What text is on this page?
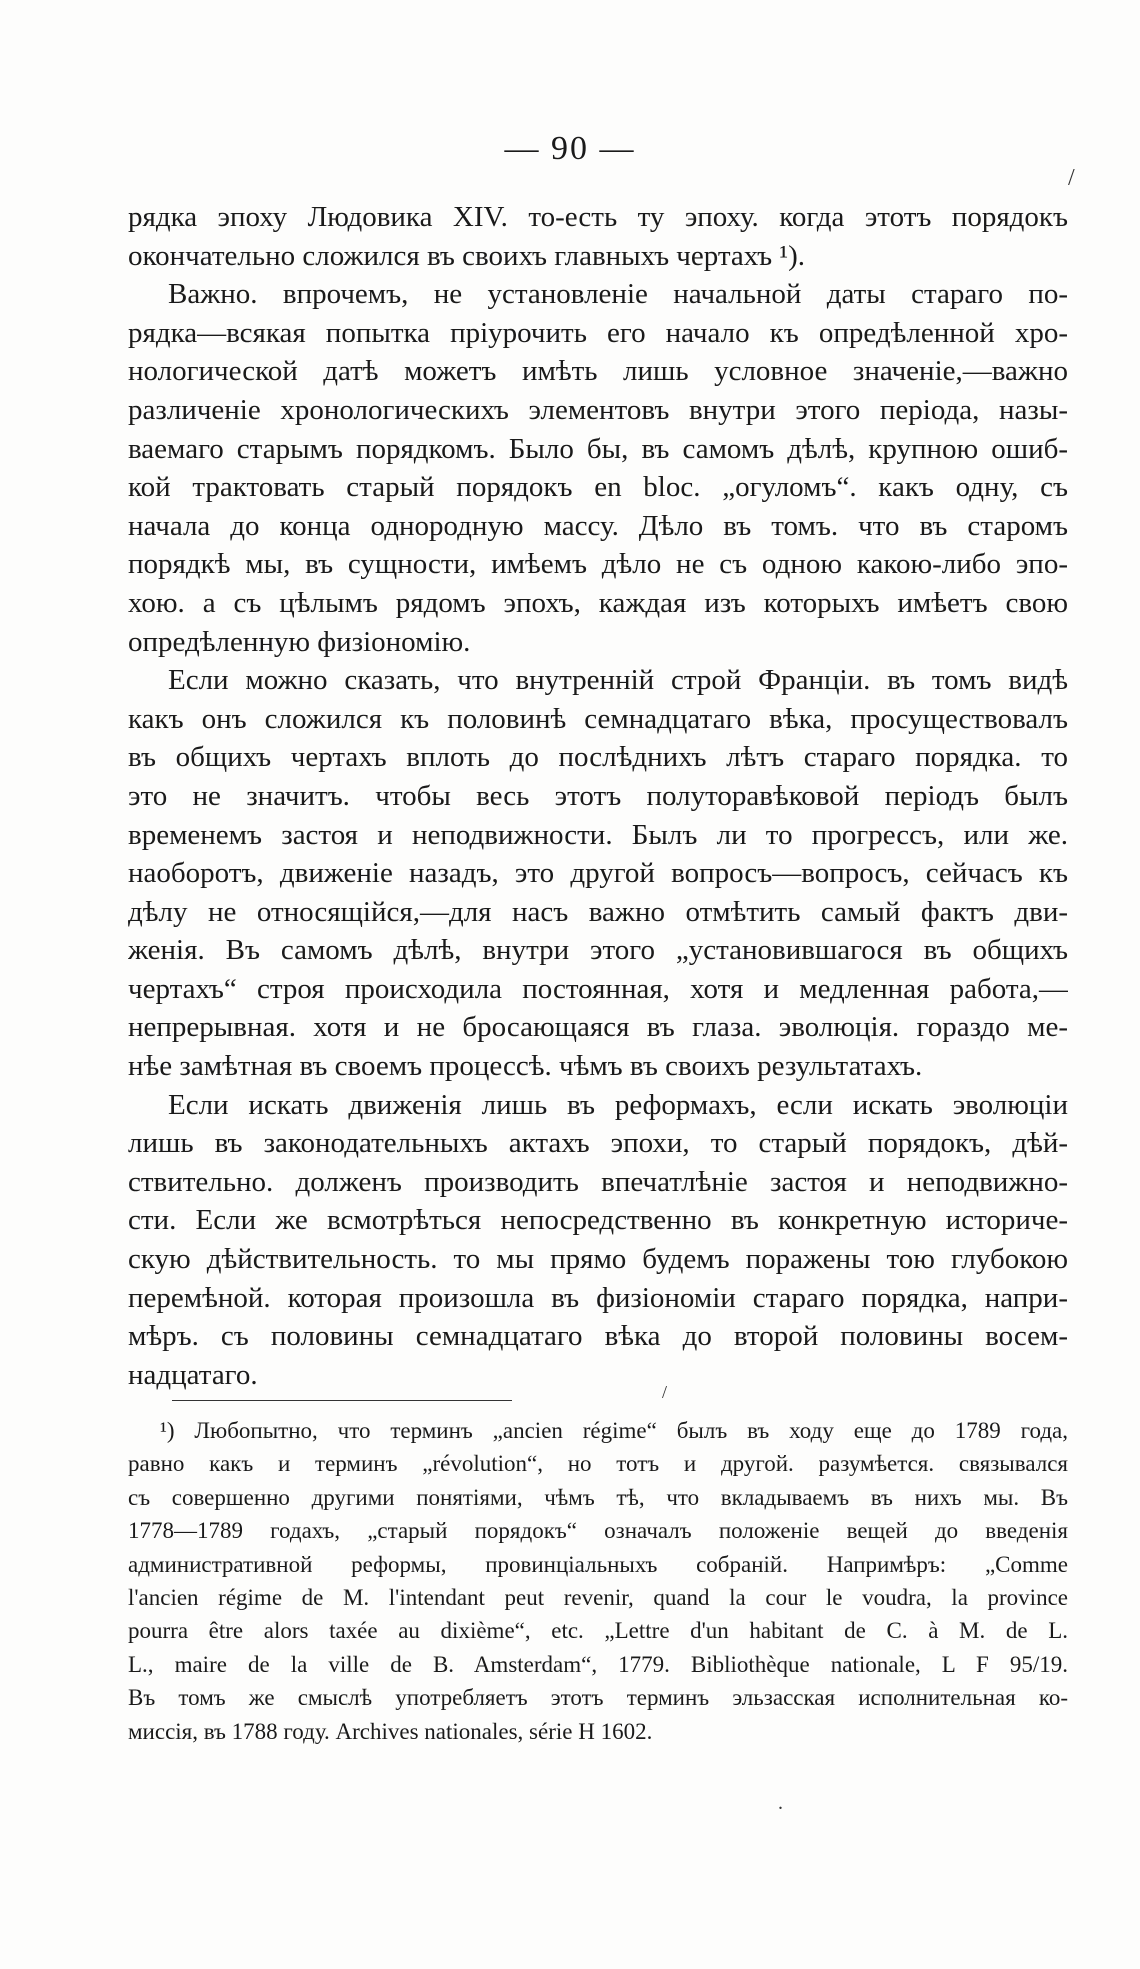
— 90 —
/
/
.
рядка эпоху Людовика XIV. то-есть ту эпоху. когда этотъ порядокъ
окончательно сложился въ своихъ главныхъ чертахъ ¹).
Важно. впрочемъ, не установленіе начальной даты стараго по-
рядка—всякая попытка пріурочить его начало къ опредѣленной хро-
нологической датѣ можетъ имѣть лишь условное значеніе,—важно
различеніе хронологическихъ элементовъ внутри этого періода, назы-
ваемаго старымъ порядкомъ. Было бы, въ самомъ дѣлѣ, крупною ошиб-
кой трактовать старый порядокъ en bloc. „огуломъ“. какъ одну, съ
начала до конца однородную массу. Дѣло въ томъ. что въ старомъ
порядкѣ мы, въ сущности, имѣемъ дѣло не съ одною какою-либо эпо-
хою. а съ цѣлымъ рядомъ эпохъ, каждая изъ которыхъ имѣетъ свою
опредѣленную физіономію.
Если можно сказать, что внутренній строй Франціи. въ томъ видѣ
какъ онъ сложился къ половинѣ семнадцатаго вѣка, просуществовалъ
въ общихъ чертахъ вплоть до послѣднихъ лѣтъ стараго порядка. то
это не значитъ. чтобы весь этотъ полуторавѣковой періодъ былъ
временемъ застоя и неподвижности. Былъ ли то прогрессъ, или же.
наоборотъ, движеніе назадъ, это другой вопросъ—вопросъ, сейчасъ къ
дѣлу не относящійся,—для насъ важно отмѣтить самый фактъ дви-
женія. Въ самомъ дѣлѣ, внутри этого „установившагося въ общихъ
чертахъ“ строя происходила постоянная, хотя и медленная работа,—
непрерывная. хотя и не бросающаяся въ глаза. эволюція. гораздо ме-
нѣе замѣтная въ своемъ процессѣ. чѣмъ въ своихъ результатахъ.
Если искать движенія лишь въ реформахъ, если искать эволюціи
лишь въ законодательныхъ актахъ эпохи, то старый порядокъ, дѣй-
ствительно. долженъ производить впечатлѣніе застоя и неподвижно-
сти. Если же всмотрѣться непосредственно въ конкретную историче-
скую дѣйствительность. то мы прямо будемъ поражены тою глубокою
перемѣной. которая произошла въ физіономіи стараго порядка, напри-
мѣръ. съ половины семнадцатаго вѣка до второй половины восем-
надцатаго.
¹) Любопытно, что терминъ „ancien régime“ былъ въ ходу еще до 1789 года,
равно какъ и терминъ „révolution“, но тотъ и другой. разумѣется. связывался
съ совершенно другими понятіями, чѣмъ тѣ, что вкладываемъ въ нихъ мы. Въ
1778—1789 годахъ, „старый порядокъ“ означалъ положеніе вещей до введенія
административной реформы, провинціальныхъ собраній. Напримѣръ: „Comme
l'ancien régime de M. l'intendant peut revenir, quand la cour le voudra, la province
pourra être alors taxée au dixième“, etc. „Lettre d'un habitant de C. à M. de L.
L., maire de la ville de B. Amsterdam“, 1779. Bibliothèque nationale, L F 95/19.
Въ томъ же смыслѣ употребляетъ этотъ терминъ эльзасская исполнительная ко-
миссія, въ 1788 году. Archives nationales, série H 1602.
